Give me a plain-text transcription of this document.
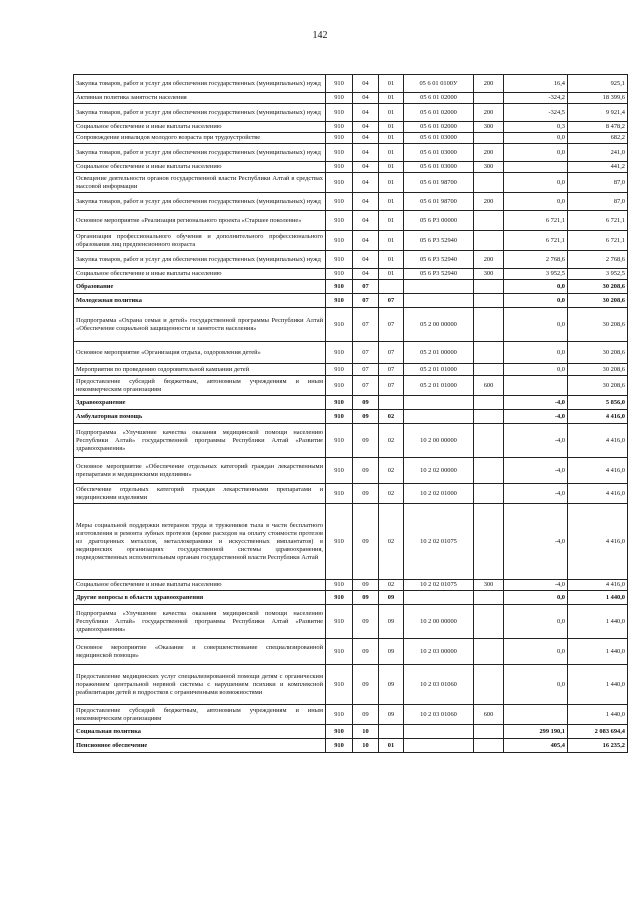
142
Закупка товаров, работ и услуг для обеспечения государственных (муниципальных) нужд	910	04	01	05 6 01 0100У	200	16,4	925,1
Активная политика занятости населения	910	04	01	05 6 01 02000		-324,2	18 399,6
Закупка товаров, работ и услуг для обеспечения государственных (муниципальных) нужд	910	04	01	05 6 01 02000	200	-324,5	9 921,4
Социальное обеспечение и иные выплаты населению	910	04	01	05 6 01 02000	300	0,3	8 478,2
Сопровождение инвалидов молодого возраста при трудоустройстве	910	04	01	05 6 01 03000		0,0	682,2
Закупка товаров, работ и услуг для обеспечения государственных (муниципальных) нужд	910	04	01	05 6 01 03000	200	0,0	241,0
Социальное обеспечение и иные выплаты населению	910	04	01	05 6 01 03000	300		441,2
Освещение деятельности органов государственной власти Республики Алтай в средствах массовой информации	910	04	01	05 6 01 98700		0,0	87,0
Закупка товаров, работ и услуг для обеспечения государственных (муниципальных) нужд	910	04	01	05 6 01 98700	200	0,0	87,0
Основное мероприятие «Реализация регионального проекта «Старшее поколение»	910	04	01	05 6 P3 00000		6 721,1	6 721,1
Организация профессионального обучения и дополнительного профессионального образования лиц предпенсионного возраста	910	04	01	05 6 P3 52940		6 721,1	6 721,1
Закупка товаров, работ и услуг для обеспечения государственных (муниципальных) нужд	910	04	01	05 6 P3 52940	200	2 768,6	2 768,6
Социальное обеспечение и иные выплаты населению	910	04	01	05 6 P3 52940	300	3 952,5	3 952,5
Образование	910	07				0,0	30 208,6
Молодежная политика	910	07	07			0,0	30 208,6
Подпрограмма «Охрана семьи и детей» государственной программы Республики Алтай «Обеспечение социальной защищенности и занятости населения»	910	07	07	05 2 00 00000		0,0	30 208,6
Основное мероприятие «Организация отдыха, оздоровления детей»	910	07	07	05 2 01 00000		0,0	30 208,6
Мероприятия по проведению оздоровительной кампании детей	910	07	07	05 2 01 01000		0,0	30 208,6
Предоставление субсидий бюджетным, автономным учреждениям и иным некоммерческим организациям	910	07	07	05 2 01 01000	600		30 208,6
Здравоохранение	910	09				-4,0	5 856,0
Амбулаторная помощь	910	09	02			-4,0	4 416,0
Подпрограмма «Улучшение качества оказания медицинской помощи населению Республики Алтай» государственной программы Республики Алтай «Развитие здравоохранения»	910	09	02	10 2 00 00000		-4,0	4 416,0
Основное мероприятие «Обеспечение отдельных категорий граждан лекарственными препаратами и медицинскими изделиями»	910	09	02	10 2 02 00000		-4,0	4 416,0
Обеспечение отдельных категорий граждан лекарственными препаратами и медицинскими изделиями	910	09	02	10 2 02 01000		-4,0	4 416,0
Меры социальной поддержки ветеранов труда и тружеников тыла в части бесплатного изготовления и ремонта зубных протезов (кроме расходов на оплату стоимости протезов из драгоценных металлов, металлокерамики и искусственных имплантатов) в медицинских организациях государственной системы здравоохранения, подведомственных исполнительным органам государственной власти Республики Алтай	910	09	02	10 2 02 01075		-4,0	4 416,0
Социальное обеспечение и иные выплаты населению	910	09	02	10 2 02 01075	300	-4,0	4 416,0
Другие вопросы в области здравоохранения	910	09	09			0,0	1 440,0
Подпрограмма «Улучшение качества оказания медицинской помощи населению Республики Алтай» государственной программы Республики Алтай «Развитие здравоохранения»	910	09	09	10 2 00 00000		0,0	1 440,0
Основное мероприятие «Оказание и совершенствование специализированной медицинской помощи»	910	09	09	10 2 03 00000		0,0	1 440,0
Предоставление медицинских услуг специализированной помощи детям с органическим поражением центральной нервной системы с нарушением психики и комплексной реабилитации детей и подростков с ограниченными возможностями	910	09	09	10 2 03 01060		0,0	1 440,0
Предоставление субсидий бюджетным, автономным учреждениям и иным некоммерческим организациям	910	09	09	10 2 03 01060	600		1 440,0
Социальная политика	910	10				299 190,1	2 083 694,4
Пенсионное обеспечение	910	10	01			405,4	16 235,2
